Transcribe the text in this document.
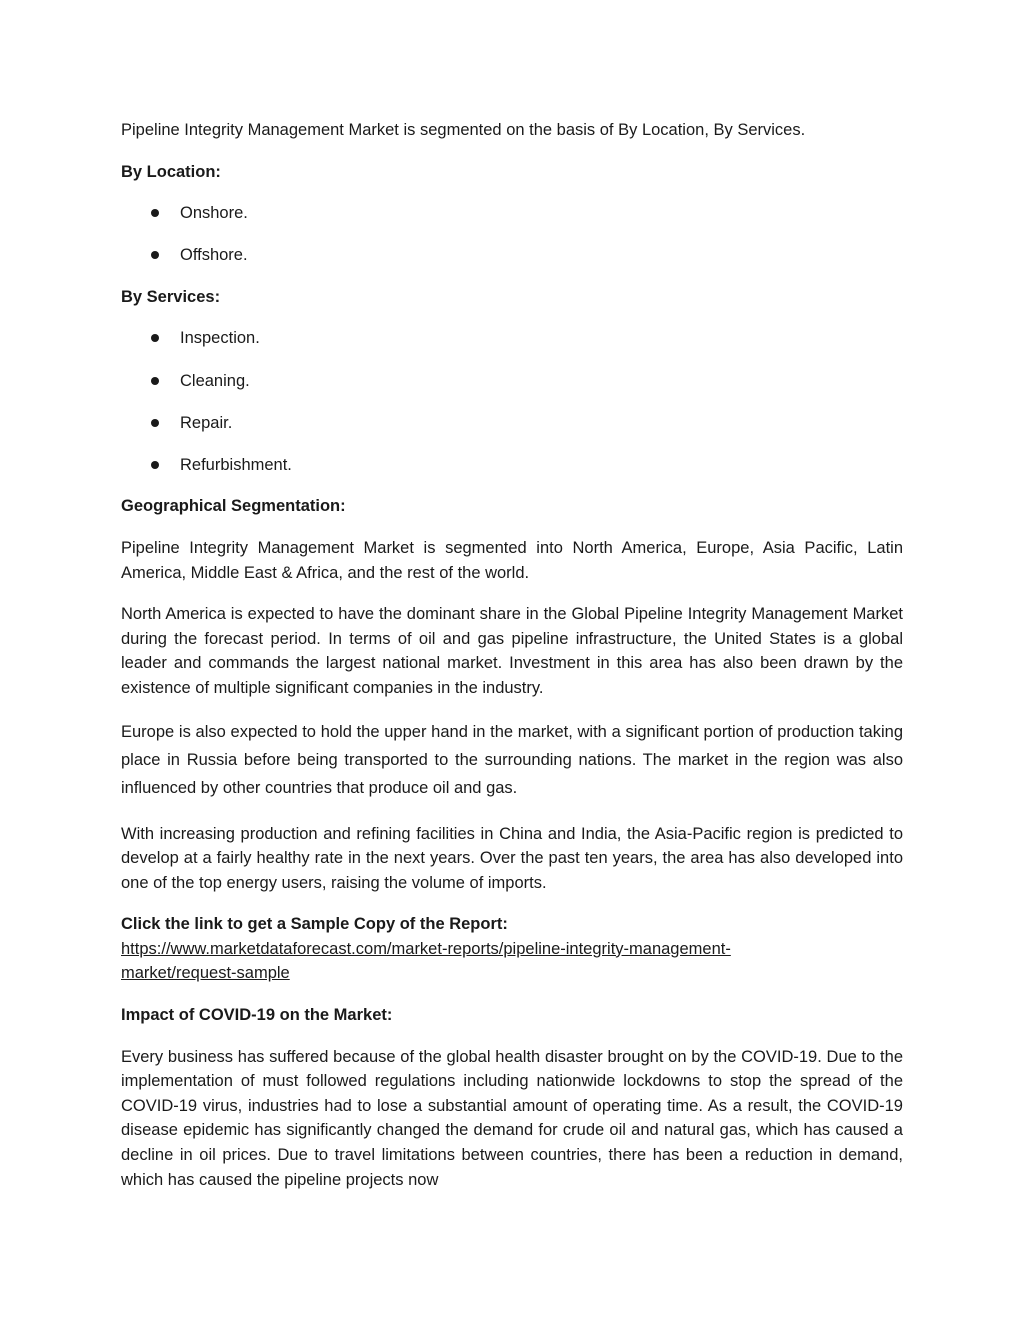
Pipeline Integrity Management Market is segmented on the basis of By Location, By Services.

By Location:

Onshore.
Offshore.

By Services:

Inspection.
Cleaning.
Repair.
Refurbishment.

Geographical Segmentation:

Pipeline Integrity Management Market is segmented into North America, Europe, Asia Pacific, Latin America, Middle East & Africa, and the rest of the world.

North America is expected to have the dominant share in the Global Pipeline Integrity Management Market during the forecast period. In terms of oil and gas pipeline infrastructure, the United States is a global leader and commands the largest national market. Investment in this area has also been drawn by the existence of multiple significant companies in the industry.

Europe is also expected to hold the upper hand in the market, with a significant portion of production taking place in Russia before being transported to the surrounding nations. The market in the region was also influenced by other countries that produce oil and gas.

With increasing production and refining facilities in China and India, the Asia-Pacific region is predicted to develop at a fairly healthy rate in the next years. Over the past ten years, the area has also developed into one of the top energy users, raising the volume of imports.

Click the link to get a Sample Copy of the Report:
https://www.marketdataforecast.com/market-reports/pipeline-integrity-management-
market/request-sample

Impact of COVID-19 on the Market:

Every business has suffered because of the global health disaster brought on by the COVID-19. Due to the implementation of must followed regulations including nationwide lockdowns to stop the spread of the COVID-19 virus, industries had to lose a substantial amount of operating time. As a result, the COVID-19 disease epidemic has significantly changed the demand for crude oil and natural gas, which has caused a decline in oil prices. Due to travel limitations between countries, there has been a reduction in demand, which has caused the pipeline projects now
